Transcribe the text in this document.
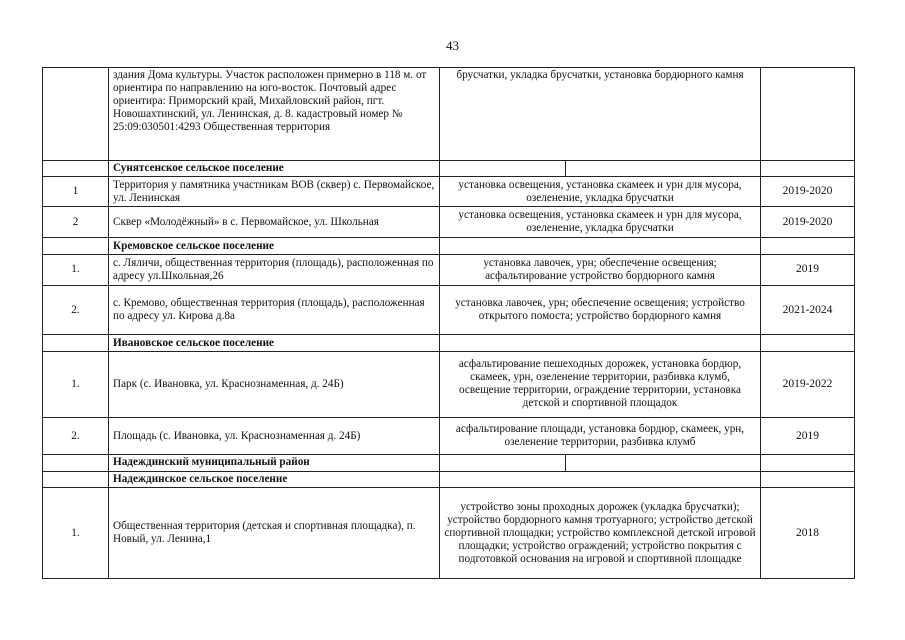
43
	здания Дома культуры. Участок расположен примерно в 118 м. от ориентира по направлению на юго-восток. Почтовый адрес ориентира: Приморский край, Михайловский район, пгт. Новошахтинский, ул. Ленинская, д. 8. кадастровый номер № 25:09:030501:4293 Общественная территория	брусчатки, укладка брусчатки, установка бордюрного камня		
	Сунятсенское сельское поселение			
1	Территория у памятника участникам ВОВ (сквер) с. Первомайское, ул. Ленинская	установка освещения, установка скамеек и урн для мусора, озеленение, укладка брусчатки		2019-2020
2	Сквер «Молодёжный» в с. Первомайское, ул. Школьная	установка освещения, установка скамеек и урн для мусора, озеленение, укладка брусчатки		2019-2020
	Кремовское сельское поселение			
1.	с. Ляличи, общественная территория (площадь), расположенная по адресу ул.Школьная,26	установка лавочек, урн; обеспечение освещения; асфальтирование устройство бордюрного камня		2019
2.	с. Кремово, общественная территория (площадь), расположенная по адресу ул. Кирова д.8а	установка лавочек, урн; обеспечение освещения; устройство открытого помоста; устройство бордюрного камня		2021-2024
	Ивановское сельское поселение			
1.	Парк (с. Ивановка, ул. Краснознаменная, д. 24Б)	асфальтирование пешеходных дорожек, установка бордюр, скамеек, урн, озеленение территории, разбивка клумб, освещение территории, ограждение территории, установка детской и спортивной площадок		2019-2022
2.	Площадь (с. Ивановка, ул. Краснознаменная д. 24Б)	асфальтирование площади, установка бордюр, скамеек, урн, озеленение территории, разбивка клумб		2019
	Надеждинский муниципальный район			
	Надеждинское сельское поселение			
1.	Общественная территория (детская и спортивная площадка), п. Новый, ул. Ленина,1	устройство зоны проходных дорожек (укладка брусчатки); устройство бордюрного камня тротуарного; устройство детской спортивной площадки; устройство комплексной детской игровой площадки; устройство ограждений; устройство покрытия с подготовкой основания на игровой и спортивной площадке		2018
